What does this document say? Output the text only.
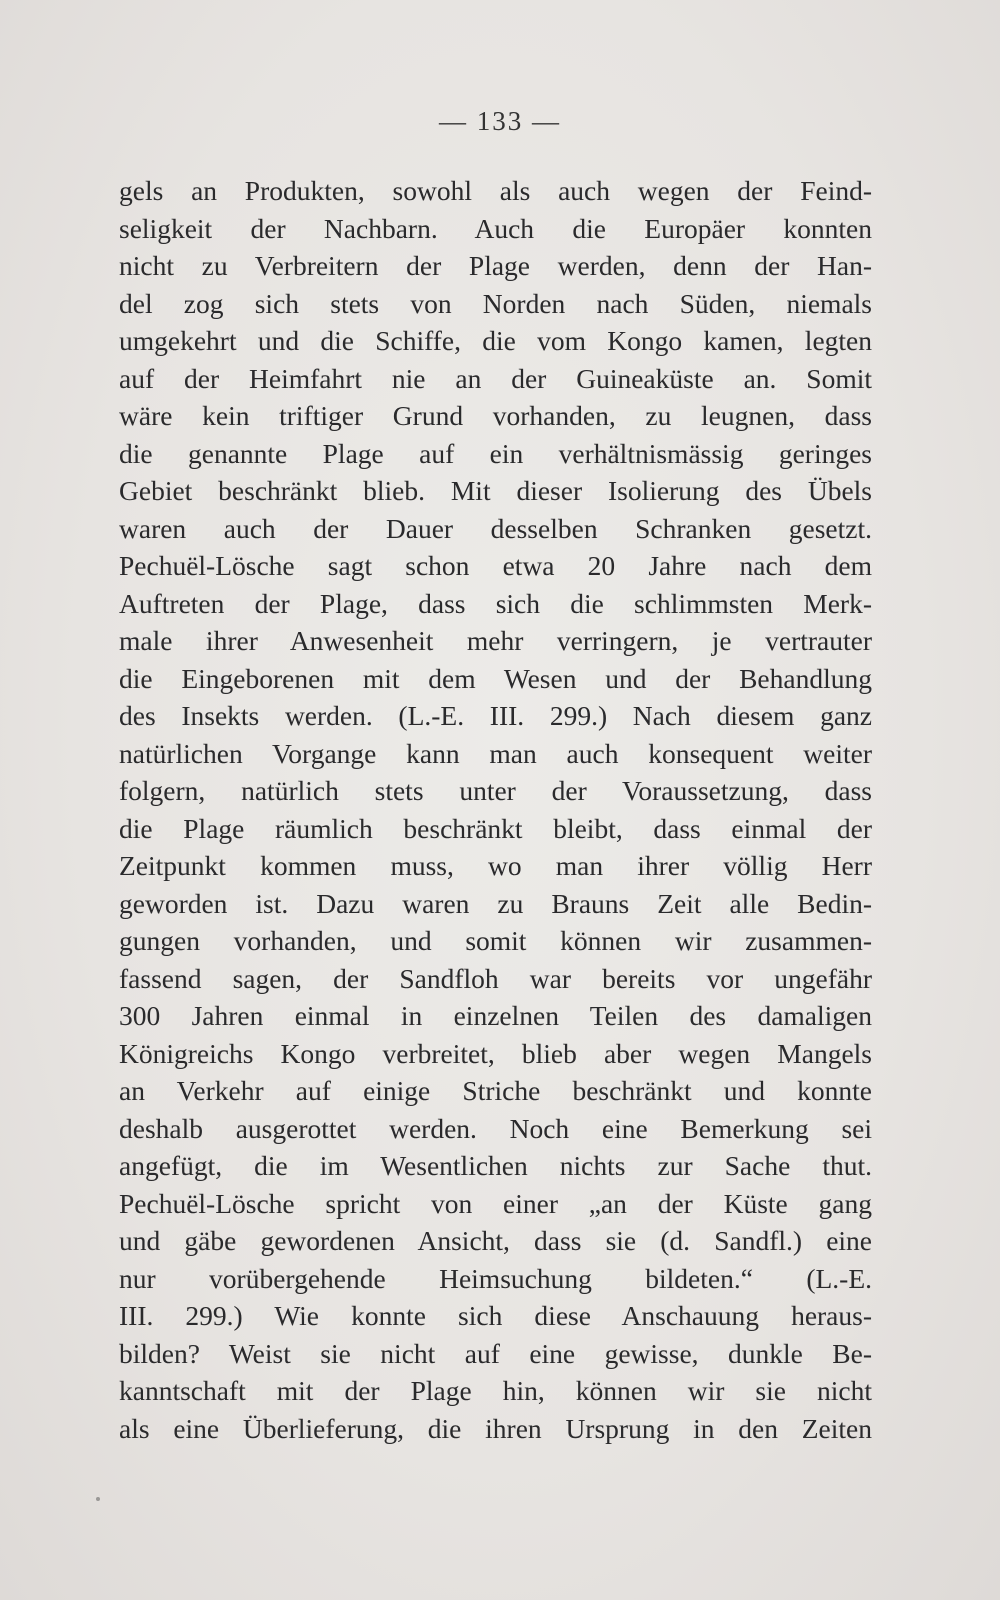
— 133 —
gels an Produkten, sowohl als auch wegen der Feind-
seligkeit der Nachbarn. Auch die Europäer konnten
nicht zu Verbreitern der Plage werden, denn der Han-
del zog sich stets von Norden nach Süden, niemals
umgekehrt und die Schiffe, die vom Kongo kamen, legten
auf der Heimfahrt nie an der Guineaküste an. Somit
wäre kein triftiger Grund vorhanden, zu leugnen, dass
die genannte Plage auf ein verhältnismässig geringes
Gebiet beschränkt blieb. Mit dieser Isolierung des Übels
waren auch der Dauer desselben Schranken gesetzt.
Pechuël-Lösche sagt schon etwa 20 Jahre nach dem
Auftreten der Plage, dass sich die schlimmsten Merk-
male ihrer Anwesenheit mehr verringern, je vertrauter
die Eingeborenen mit dem Wesen und der Behandlung
des Insekts werden. (L.-E. III. 299.) Nach diesem ganz
natürlichen Vorgange kann man auch konsequent weiter
folgern, natürlich stets unter der Voraussetzung, dass
die Plage räumlich beschränkt bleibt, dass einmal der
Zeitpunkt kommen muss, wo man ihrer völlig Herr
geworden ist. Dazu waren zu Brauns Zeit alle Bedin-
gungen vorhanden, und somit können wir zusammen-
fassend sagen, der Sandfloh war bereits vor ungefähr
300 Jahren einmal in einzelnen Teilen des damaligen
Königreichs Kongo verbreitet, blieb aber wegen Mangels
an Verkehr auf einige Striche beschränkt und konnte
deshalb ausgerottet werden. Noch eine Bemerkung sei
angefügt, die im Wesentlichen nichts zur Sache thut.
Pechuël-Lösche spricht von einer „an der Küste gang
und gäbe gewordenen Ansicht, dass sie (d. Sandfl.) eine
nur vorübergehende Heimsuchung bildeten.“ (L.-E.
III. 299.) Wie konnte sich diese Anschauung heraus-
bilden? Weist sie nicht auf eine gewisse, dunkle Be-
kanntschaft mit der Plage hin, können wir sie nicht
als eine Überlieferung, die ihren Ursprung in den Zeiten
